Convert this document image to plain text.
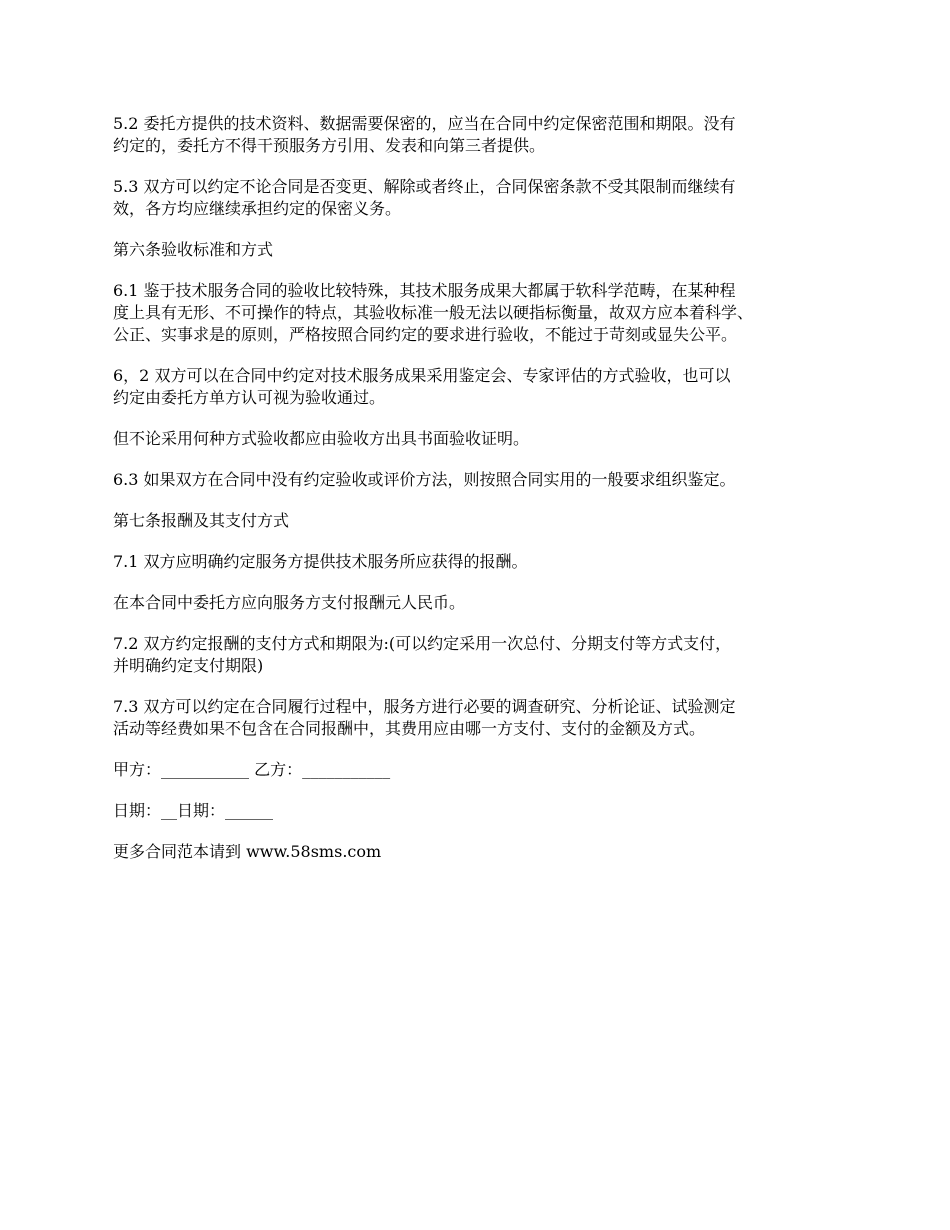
5.2 委托方提供的技术资料、数据需要保密的，应当在合同中约定保密范围和期限。没有
约定的，委托方不得干预服务方引用、发表和向第三者提供。

5.3 双方可以约定不论合同是否变更、解除或者终止，合同保密条款不受其限制而继续有
效，各方均应继续承担约定的保密义务。

第六条验收标准和方式

6.1 鉴于技术服务合同的验收比较特殊，其技术服务成果大都属于软科学范畴，在某种程
度上具有无形、不可操作的特点，其验收标准一般无法以硬指标衡量，故双方应本着科学、
公正、实事求是的原则，严格按照合同约定的要求进行验收，不能过于苛刻或显失公平。

6，2 双方可以在合同中约定对技术服务成果采用鉴定会、专家评估的方式验收，也可以
约定由委托方单方认可视为验收通过。

但不论采用何种方式验收都应由验收方出具书面验收证明。

6.3 如果双方在合同中没有约定验收或评价方法，则按照合同实用的一般要求组织鉴定。

第七条报酬及其支付方式

7.1 双方应明确约定服务方提供技术服务所应获得的报酬。

在本合同中委托方应向服务方支付报酬元人民币。

7.2 双方约定报酬的支付方式和期限为:(可以约定采用一次总付、分期支付等方式支付，
并明确约定支付期限)

7.3 双方可以约定在合同履行过程中，服务方进行必要的调查研究、分析论证、试验测定
活动等经费如果不包含在合同报酬中，其费用应由哪一方支付、支付的金额及方式。

甲方：___________ 乙方：___________

日期：__日期：______

更多合同范本请到 www.58sms.com
